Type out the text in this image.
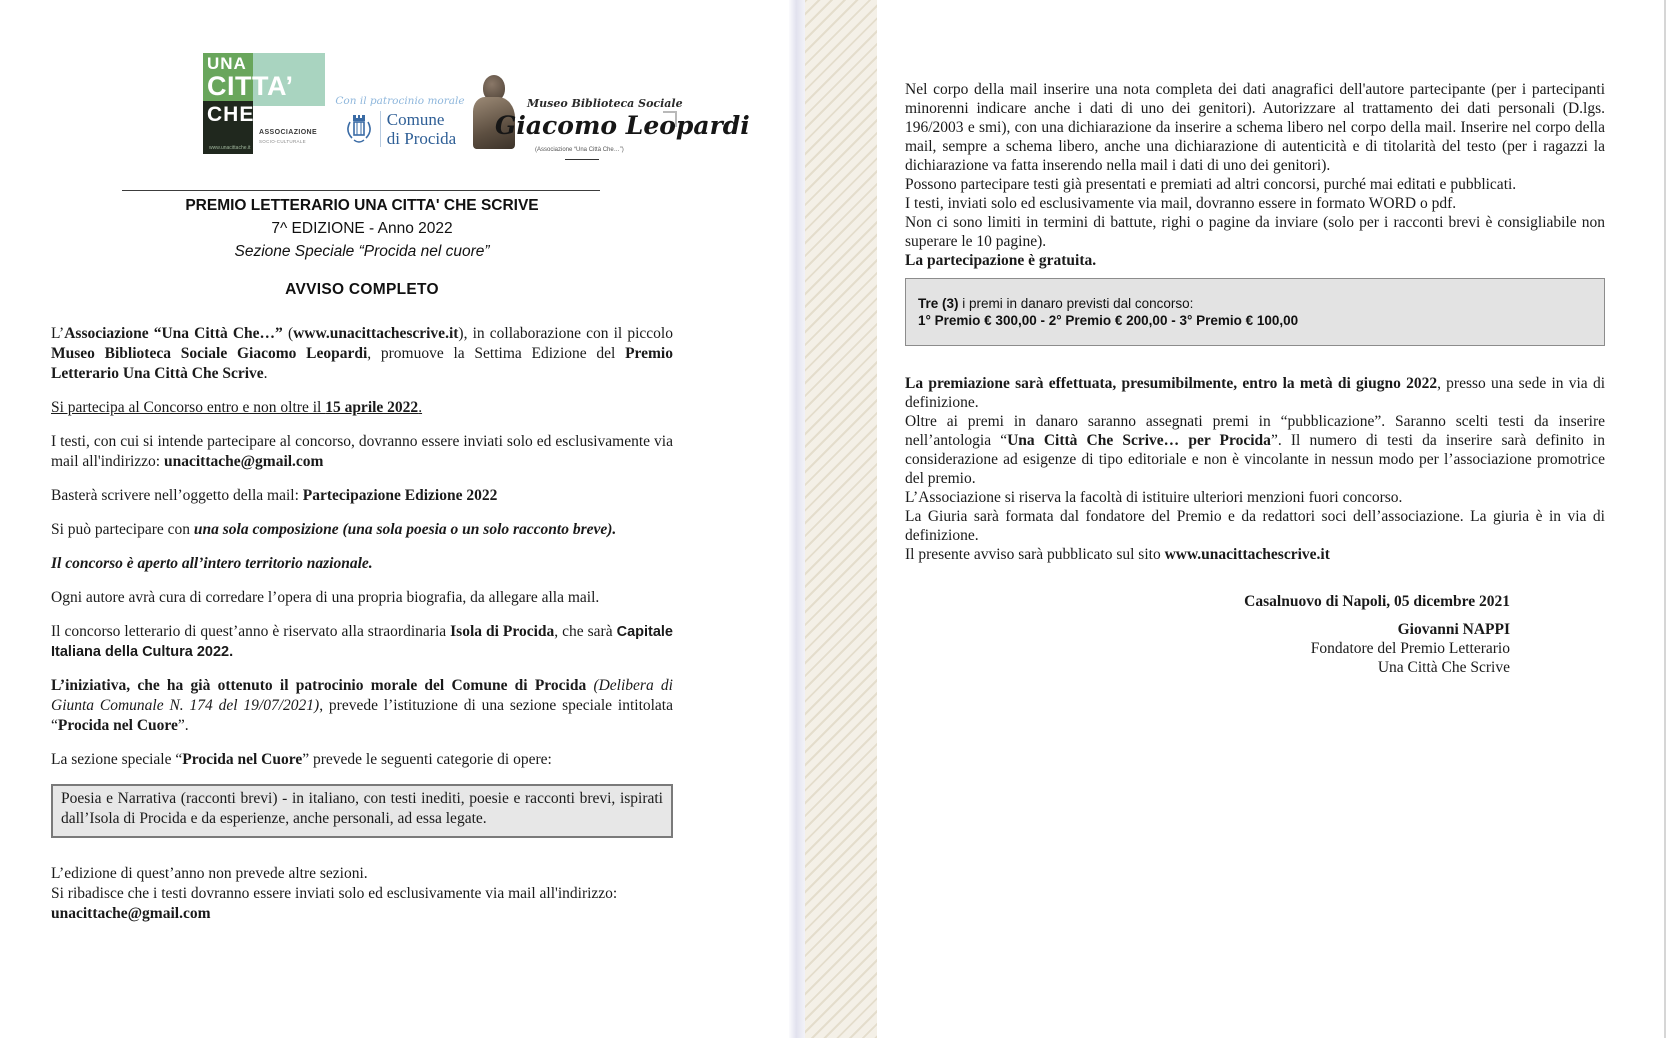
UNA
CITTA’
CHE
www.unacittache.it
ASSOCIAZIONE
SOCIO-CULTURALE
Con il patrocinio morale
Comune
di Procida
Museo Biblioteca Sociale
Giacomo Leopardi
(Associazione “Una Città Che…”)
PREMIO LETTERARIO UNA CITTA' CHE SCRIVE
7^ EDIZIONE - Anno 2022
Sezione Speciale “Procida nel cuore”
AVVISO COMPLETO

L’Associazione “Una Città Che…” (www.unacittachescrive.it), in collaborazione con il piccolo Museo Biblioteca Sociale Giacomo Leopardi, promuove la Settima Edizione del Premio Letterario Una Città Che Scrive.

Si partecipa al Concorso entro e non oltre il 15 aprile 2022.

I testi, con cui si intende partecipare al concorso, dovranno essere inviati solo ed esclusivamente via mail all'indirizzo: unacittache@gmail.com

Basterà scrivere nell’oggetto della mail: Partecipazione Edizione 2022

Si può partecipare con una sola composizione (una sola poesia o un solo racconto breve).

Il concorso è aperto all’intero territorio nazionale.

Ogni autore avrà cura di corredare l’opera di una propria biografia, da allegare alla mail.

Il concorso letterario di quest’anno è riservato alla straordinaria Isola di Procida, che sarà Capitale Italiana della Cultura 2022.

L’iniziativa, che ha già ottenuto il patrocinio morale del Comune di Procida (Delibera di Giunta Comunale N. 174 del 19/07/2021), prevede l’istituzione di una sezione speciale intitolata “Procida nel Cuore”.

La sezione speciale “Procida nel Cuore” prevede le seguenti categorie di opere:

Poesia e Narrativa (racconti brevi) - in italiano, con testi inediti, poesie e racconti brevi, ispirati dall’Isola di Procida e da esperienze, anche personali, ad essa legate.

L’edizione di quest’anno non prevede altre sezioni.

Si ribadisce che i testi dovranno essere inviati solo ed esclusivamente via mail all'indirizzo:

unacittache@gmail.com

Nel corpo della mail inserire una nota completa dei dati anagrafici dell'autore partecipante (per i partecipanti minorenni indicare anche i dati di uno dei genitori). Autorizzare al trattamento dei dati personali (D.lgs. 196/2003 e smi), con una dichiarazione da inserire a schema libero nel corpo della mail. Inserire nel corpo della mail, sempre a schema libero, anche una dichiarazione di autenticità e di titolarità del testo (per i ragazzi la dichiarazione va fatta inserendo nella mail i dati di uno dei genitori).

Possono partecipare testi già presentati e premiati ad altri concorsi, purché mai editati e pubblicati.

I testi, inviati solo ed esclusivamente via mail, dovranno essere in formato WORD o pdf.

Non ci sono limiti in termini di battute, righi o pagine da inviare (solo per i racconti brevi è consigliabile non superare le 10 pagine).

La partecipazione è gratuita.

Tre (3) i premi in danaro previsti dal concorso:

1° Premio € 300,00 - 2° Premio € 200,00 - 3° Premio € 100,00

La premiazione sarà effettuata, presumibilmente, entro la metà di giugno 2022, presso una sede in via di definizione.

Oltre ai premi in danaro saranno assegnati premi in “pubblicazione”. Saranno scelti testi da inserire nell’antologia “Una Città Che Scrive… per Procida”. Il numero di testi da inserire sarà definito in considerazione ad esigenze di tipo editoriale e non è vincolante in nessun modo per l’associazione promotrice del premio.

L’Associazione si riserva la facoltà di istituire ulteriori menzioni fuori concorso.

La Giuria sarà formata dal fondatore del Premio e da redattori soci dell’associazione. La giuria è in via di definizione.

Il presente avviso sarà pubblicato sul sito www.unacittachescrive.it

Casalnuovo di Napoli, 05 dicembre 2021

Giovanni NAPPI
Fondatore del Premio Letterario
Una Città Che Scrive
